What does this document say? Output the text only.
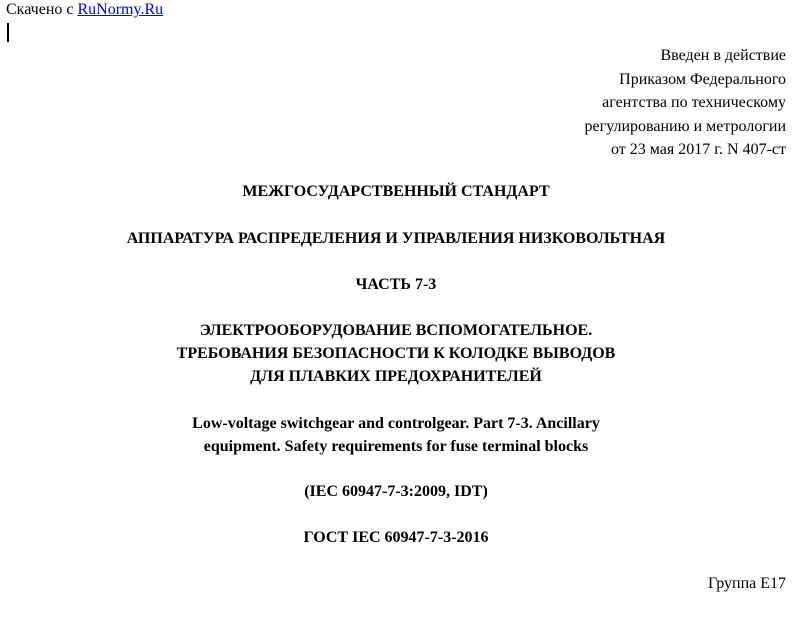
Скачено с RuNormy.Ru
Введен в действие
Приказом Федерального
агентства по техническому
регулированию и метрологии
от 23 мая 2017 г. N 407-ст
МЕЖГОСУДАРСТВЕННЫЙ СТАНДАРТ
АППАРАТУРА РАСПРЕДЕЛЕНИЯ И УПРАВЛЕНИЯ НИЗКОВОЛЬТНАЯ
ЧАСТЬ 7-3
ЭЛЕКТРООБОРУДОВАНИЕ ВСПОМОГАТЕЛЬНОЕ.
ТРЕБОВАНИЯ БЕЗОПАСНОСТИ К КОЛОДКЕ ВЫВОДОВ
ДЛЯ ПЛАВКИХ ПРЕДОХРАНИТЕЛЕЙ
Low-voltage switchgear and controlgear. Part 7-3. Ancillary
equipment. Safety requirements for fuse terminal blocks
(IEC 60947-7-3:2009, IDT)
ГОСТ IEC 60947-7-3-2016
Группа Е17
